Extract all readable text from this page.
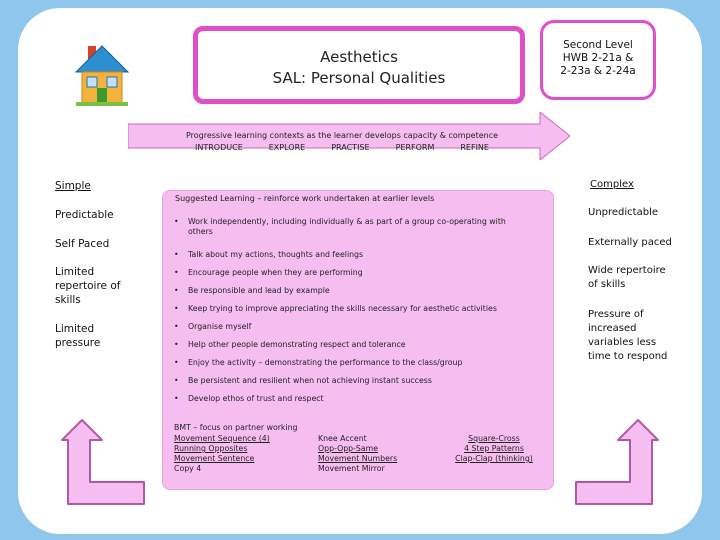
Aesthetics
SAL: Personal Qualities
Second Level
HWB 2-21a &
2-23a & 2-24a
Progressive learning contexts as the learner develops capacity & competence
INTRODUCE	EXPLORE	PRACTISE	PERFORM	REFINE
Simple
Predictable
Self Paced
Limited repertoire of skills
Limited pressure
Complex
Unpredictable
Externally paced
Wide repertoire of skills
Pressure of increased variables less time to respond
Suggested Learning – reinforce work undertaken at earlier levels
• Work independently, including individually & as part of a group co-operating with others
• Talk about my actions, thoughts and feelings
• Encourage people when they are performing
• Be responsible and lead by example
• Keep trying to improve appreciating the skills necessary for aesthetic activities
• Organise myself
• Help other people demonstrating respect and tolerance
• Enjoy the activity – demonstrating the performance to the class/group
• Be persistent and resilient when not achieving instant success
• Develop ethos of trust and respect
BMT – focus on partner working
Movement Sequence (4)
Running Opposites
Movement Sentence
Copy 4
Knee Accent
Opp-Opp-Same
Movement Numbers
Movement Mirror
Square-Cross
4 Step Patterns
Clap-Clap (thinking)
